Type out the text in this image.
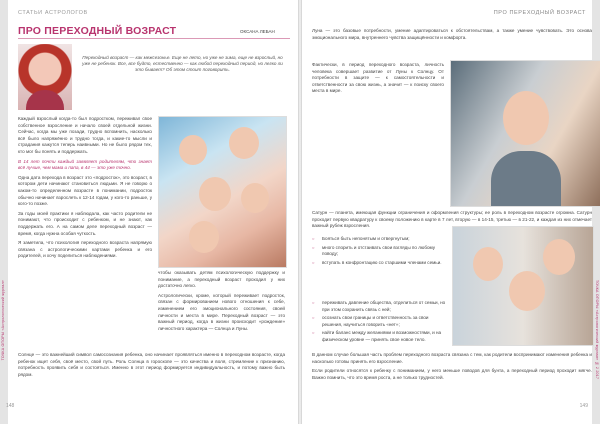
ТОЧКА ОПОРЫ «Астрологический журнал»
СТАТЬИ АСТРОЛОГОВ
ПРО ПЕРЕХОДНЫЙ ВОЗРАСТ	ОКСАНА ЛЕБАН
Переходный возраст — как межсезонье. Еще не лето, но уже не зима, еще не взрослый, но уже не ребенок. Все, все будто, естественно — как любой переходный период, но легко ли это бывает? Об этом стоит поговорить.

Каждый взрослый когда-то был подростком, переживал свое собственное взросление и начало своей отдельной жизни. Сейчас, когда мы уже позади, трудно вспомнить, насколько всё было напряжённо и трудно тогда, и какие-то мысли и страдания кажутся теперь наивными. Но не было рядом тех, кто мог бы понять и поддержать.

В 14 лет почти каждый заявляет родителям, что знает всё лучше, чем мама и папа, в 44 — это уже точно.

Одна дата перехода в возраст это «подросток», это возраст, в котором дети начинают становиться людьми. Я не говорю о каком-то определенном возрасте в понимании, подросток обычно начинает взрослеть к 12-14 годам, у кого-то раньше, у кого-то позже.

За годы моей практики я наблюдала, как часто родители не понимают, что происходит с ребенком, и не знают, как поддержать его. А на самом деле переходный возраст — время, когда нужна особая чуткость.

Я заметила, что психология переходного возраста напрямую связана с астрологическими картами ребенка и его родителей, и хочу поделиться наблюдениями.

чтобы оказывать детям психологическую поддержку и понимание, а переходный возраст проходил у них достаточно легко.

Астрологически, кроме, который переживает подросток, связан с формированием нового отношения к себе, изменением его эмоционального состояния, своей личности и места в мире. Переходный возраст — это важный период, когда в жизни происходит «рождение» личностного характера — Солнца и Луны.

Солнце — это важнейший символ самосознания ребенка, оно начинает проявляться именно в переходном возрасте, когда ребенок ищет себя, своё место, свой путь. Роль Солнца в гороскопе — это качества и воля, стремление к признанию, потребность проявить себя и состояться. Именно в этот период формируется индивидуальность, и потому важно быть рядом.

148
ТОЧКА ОПОРЫ «Астрологический журнал» № 2 2017
ПРО ПЕРЕХОДНЫЙ ВОЗРАСТ

Луна — это базовые потребности, умение адаптироваться к обстоятельствам, а также умение чувствовать. Это основа эмоционального мира, внутреннего чувства защищённости и комфорта.

Фактически, в период переходного возраста, личность человека совершает развитие от Луны к Солнцу. От потребности в защите — к самостоятельности и ответственности за свою жизнь, а значит — к поиску своего места в мире.

Сатурн — планета, имеющая функции ограничения и оформления структуры; ее роль в переходном возрасте огромна. Сатурн проходит первую квадратуру к своему положению в карте в 7 лет, вторую — в 14-15, третью — в 21-22, и каждая из них отмечает важный рубеж взросления.

○ Бояться быть непонятым и отвергнутым;
○ много спорить и отстаивать свои взгляды по любому поводу;
○ вступать в конфронтацию со старшими членами семьи.
○ переживать давление общества, отделиться от семьи, но при этом сохранить связь с ней;
○ осознать свои границы и ответственность за свои решения, научиться говорить «нет»;
○ найти баланс между желаниями и возможностями, и на физическом уровне — принять свое новое тело.

В данном случае большая часть проблем переходного возраста связана с тем, как родители воспринимают изменения ребенка и насколько готовы принять его взросление.

Если родители относятся к ребенку с пониманием, у него меньше поводов для бунта, а переходный период проходит мягче. Важно помнить, что это время роста, а не только трудностей.

149
